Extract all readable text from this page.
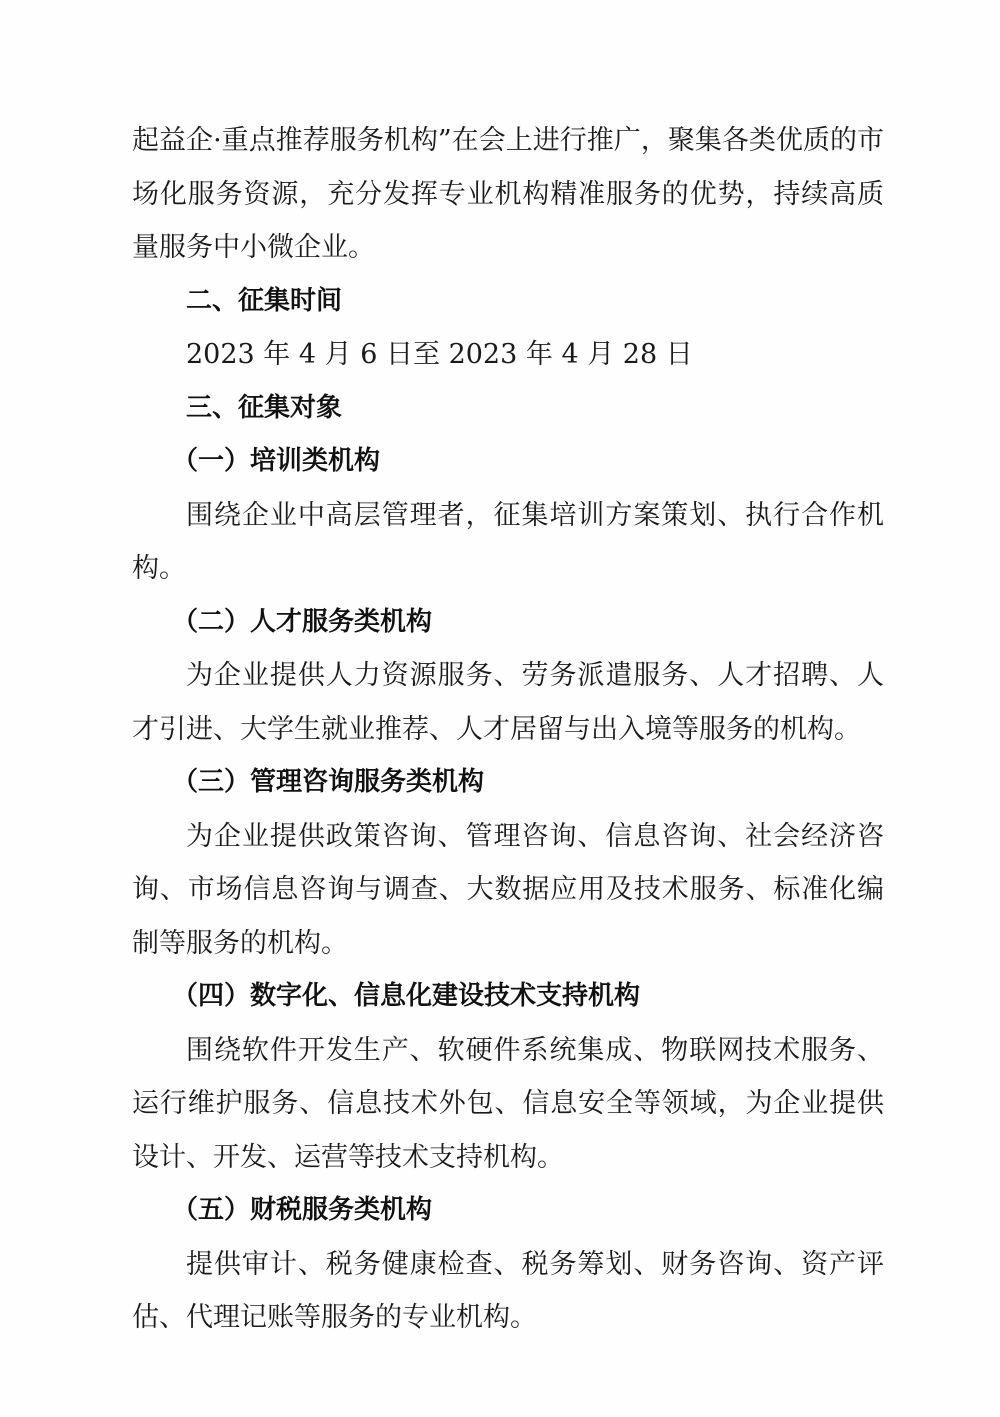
起益企·重点推荐服务机构”在会上进行推广，聚集各类优质的市场化服务资源，充分发挥专业机构精准服务的优势，持续高质量服务中小微企业。

二、征集时间

2023 年 4 月 6 日至 2023 年 4 月 28 日

三、征集对象

（一）培训类机构

围绕企业中高层管理者，征集培训方案策划、执行合作机构。

（二）人才服务类机构

为企业提供人力资源服务、劳务派遣服务、人才招聘、人才引进、大学生就业推荐、人才居留与出入境等服务的机构。

（三）管理咨询服务类机构

为企业提供政策咨询、管理咨询、信息咨询、社会经济咨询、市场信息咨询与调查、大数据应用及技术服务、标准化编制等服务的机构。

（四）数字化、信息化建设技术支持机构

围绕软件开发生产、软硬件系统集成、物联网技术服务、运行维护服务、信息技术外包、信息安全等领域，为企业提供设计、开发、运营等技术支持机构。

（五）财税服务类机构

提供审计、税务健康检查、税务筹划、财务咨询、资产评估、代理记账等服务的专业机构。
